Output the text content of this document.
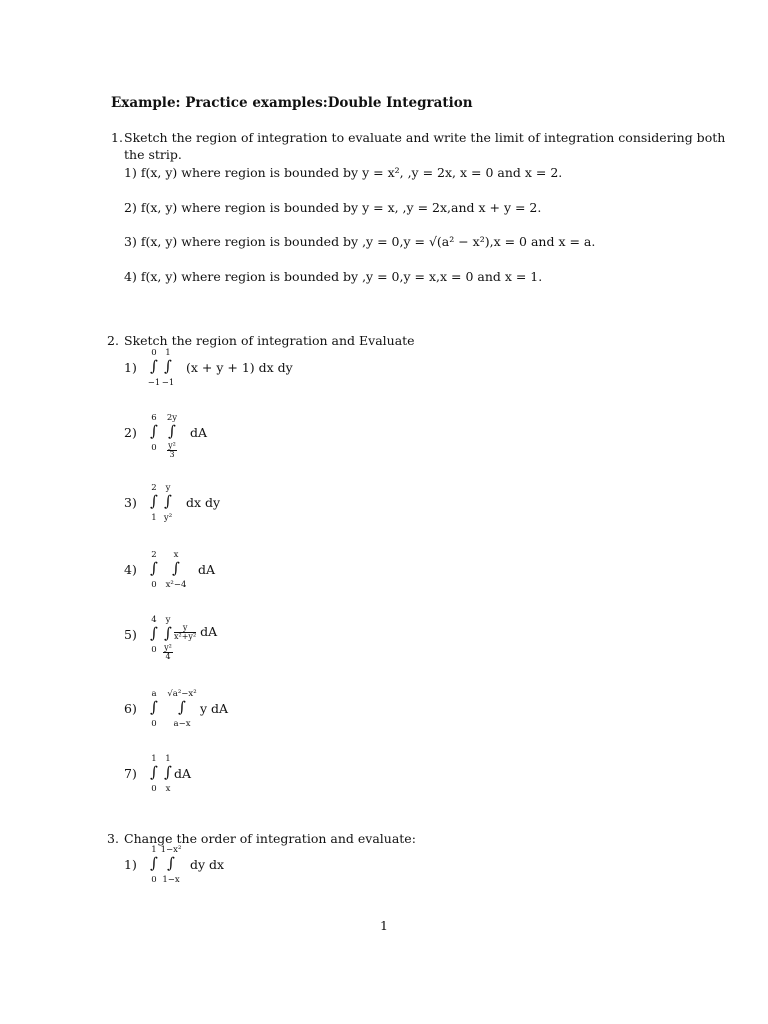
Example: Practice examples:Double Integration
1. Sketch the region of integration to evaluate and write the limit of integration considering both
the strip.
1) f(x, y) where region is bounded by y = x², ,y = 2x, x = 0 and x = 2.
2) f(x, y) where region is bounded by y = x, ,y = 2x,and x + y = 2.
3) f(x, y) where region is bounded by ,y = 0,y = √(a² − x²),x = 0 and x = a.
4) f(x, y) where region is bounded by ,y = 0,y = x,x = 0 and x = 1.
2. Sketch the region of integration and Evaluate
1)
0
∫
−1
1
∫
−1
(x + y + 1) dx dy
2)
6
∫
0
2y
∫
$\frac{\text{y²}}{3}$
dA
3)
2
∫
1
y
∫
y²
dx dy
4)
2
∫
0
x
∫
x²−4
dA
5)
4
∫
0
y
∫
$\frac{\text{y²}}{4}$
$\frac{y}{\text{x²+y²}}$ dA
6)
a
∫
0
√a²−x²
∫
a−x
y dA
7)
1
∫
0
1
∫
x
dA
3. Change the order of integration and evaluate:
1)
1
∫
0
1−x²
∫
1−x
dy dx
1
